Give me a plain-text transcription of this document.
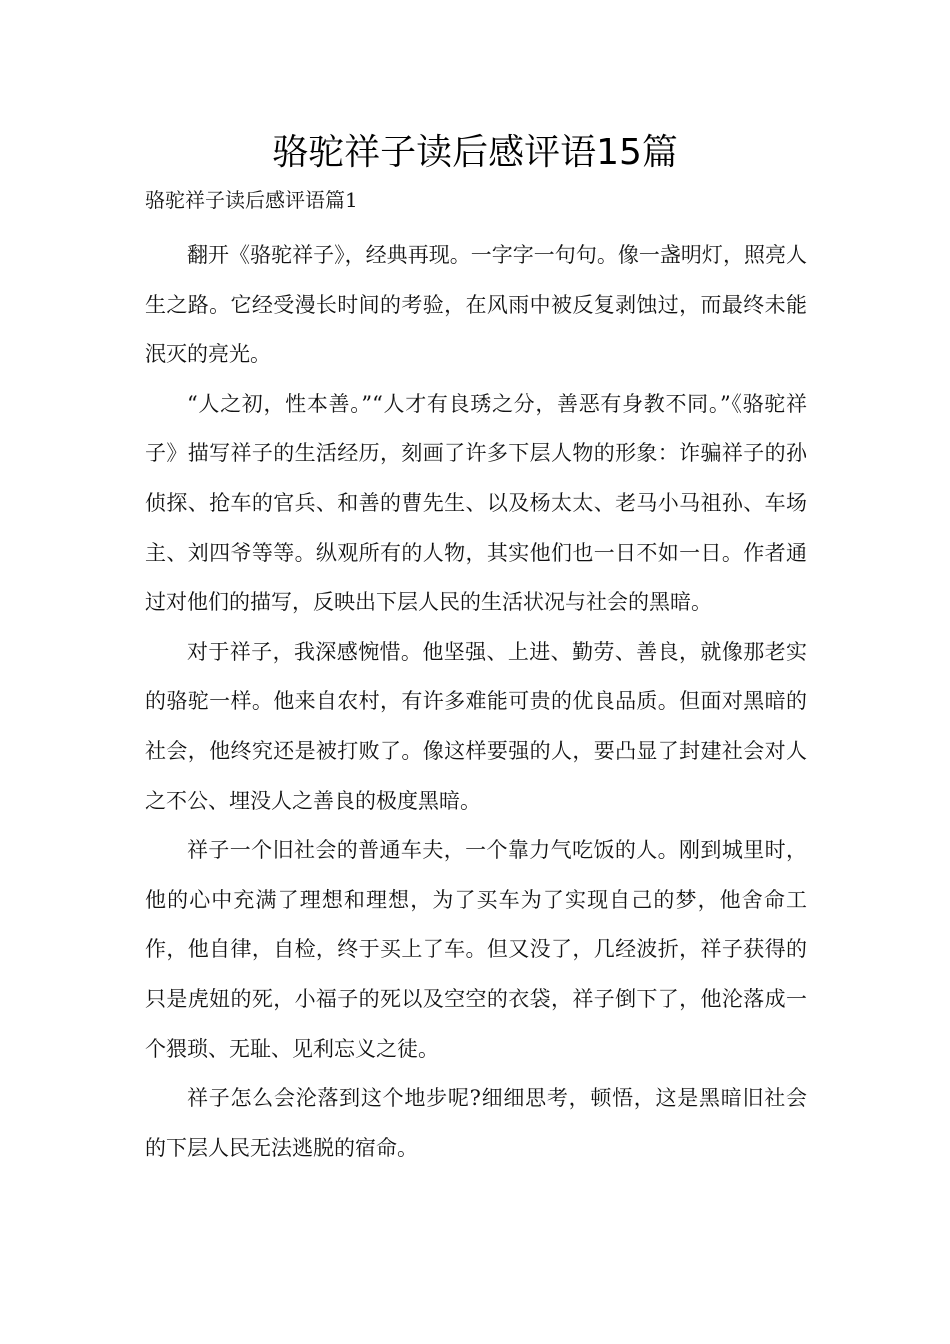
骆驼祥子读后感评语15篇
骆驼祥子读后感评语篇1

翻开《骆驼祥子》，经典再现。一字字一句句。像一盏明灯，照亮人生之路。它经受漫长时间的考验，在风雨中被反复剥蚀过，而最终未能泯灭的亮光。

“人之初，性本善。”“人才有良琇之分，善恶有身教不同。”《骆驼祥子》描写祥子的生活经历，刻画了许多下层人物的形象：诈骗祥子的孙侦探、抢车的官兵、和善的曹先生、以及杨太太、老马小马祖孙、车场主、刘四爷等等。纵观所有的人物，其实他们也一日不如一日。作者通过对他们的描写，反映出下层人民的生活状况与社会的黑暗。

对于祥子，我深感惋惜。他坚强、上进、勤劳、善良，就像那老实的骆驼一样。他来自农村，有许多难能可贵的优良品质。但面对黑暗的社会，他终究还是被打败了。像这样要强的人，要凸显了封建社会对人之不公、埋没人之善良的极度黑暗。

祥子一个旧社会的普通车夫，一个靠力气吃饭的人。刚到城里时，他的心中充满了理想和理想，为了买车为了实现自己的梦，他舍命工作，他自律，自检，终于买上了车。但又没了，几经波折，祥子获得的只是虎妞的死，小福子的死以及空空的衣袋，祥子倒下了，他沦落成一个猥琐、无耻、见利忘义之徒。

祥子怎么会沦落到这个地步呢?细细思考，顿悟，这是黑暗旧社会的下层人民无法逃脱的宿命。
